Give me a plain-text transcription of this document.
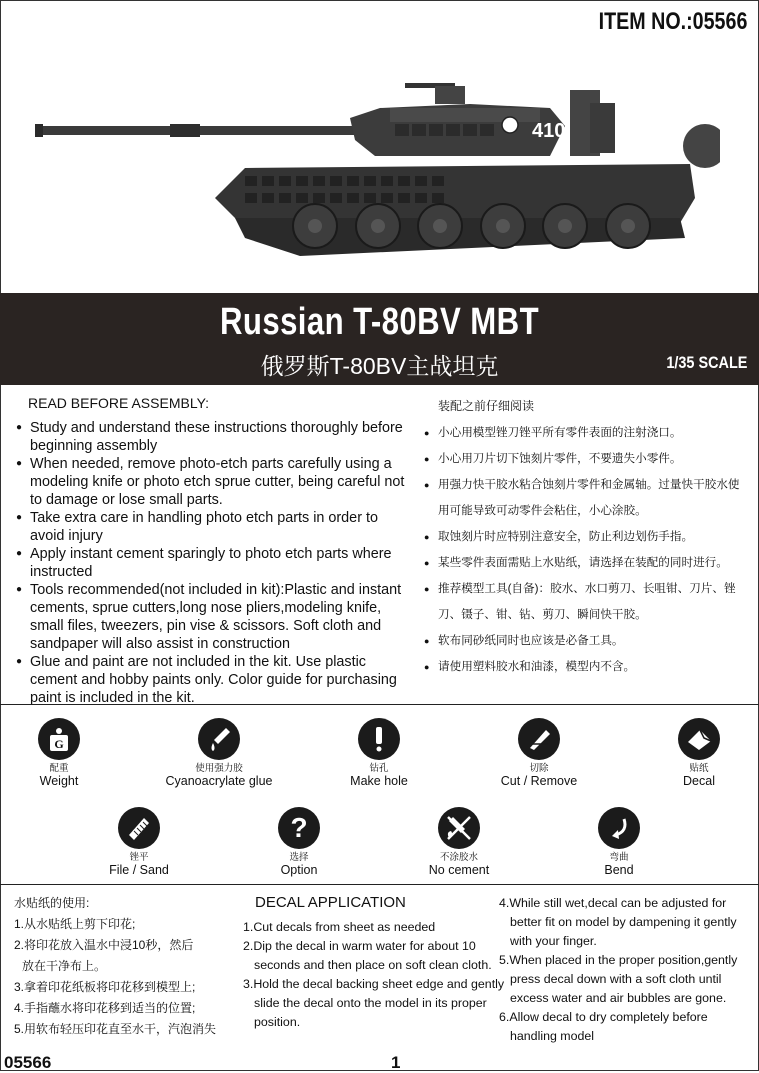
ITEM NO.:05566
410
Russian T-80BV MBT
俄罗斯T-80BV主战坦克	1/35 SCALE
READ BEFORE ASSEMBLY:
● Study and understand these instructions thoroughly before beginning assembly
● When needed, remove photo-etch parts carefully using a modeling knife or photo etch sprue cutter, being careful not to damage or lose small parts.
● Take extra care in handling photo etch parts in order to avoid injury
● Apply instant cement sparingly to photo etch parts where instructed
● Tools recommended(not included in kit):Plastic and instant cements, sprue cutters,long nose pliers,modeling knife, small files, tweezers, pin vise & scissors. Soft cloth and sandpaper will also assist in construction
● Glue and paint are not included in the kit. Use plastic cement and hobby paints only. Color guide for purchasing paint is included in the kit.
装配之前仔细阅读
● 小心用模型锉刀锉平所有零件表面的注射浇口。
● 小心用刀片切下蚀刻片零件，不要遗失小零件。
● 用强力快干胶水粘合蚀刻片零件和金属轴。过量快干胶水使用可能导致可动零件会粘住，小心涂胶。
● 取蚀刻片时应特别注意安全，防止利边划伤手指。
● 某些零件表面需贴上水贴纸，请选择在装配的同时进行。
● 推荐模型工具(自备)：胶水、水口剪刀、长咀钳、刀片、锉刀、镊子、钳、钻、剪刀、瞬间快干胶。
● 软布同砂纸同时也应该是必备工具。
● 请使用塑料胶水和油漆，模型内不含。
G
配重
Weight
使用强力胶
Cyanoacrylate glue
钻孔
Make hole
切除
Cut / Remove
贴纸
Decal
锉平
File / Sand
?
选择
Option
不涂胶水
No cement
弯曲
Bend
水贴纸的使用:
1.从水贴纸上剪下印花;
2.将印花放入温水中浸10秒，然后
放在干净布上。
3.拿着印花纸板将印花移到模型上;
4.手指蘸水将印花移到适当的位置;
5.用软布轻压印花直至水干，汽泡消失
DECAL APPLICATION
1.Cut decals from sheet as needed
2.Dip the decal in warm water for about 10 seconds and then place on soft clean cloth.
3.Hold the decal backing sheet edge and gently slide the decal onto the model in its proper position.
4.While still wet,decal can be adjusted for better fit on model by dampening it gently with your finger.
5.When placed in the proper position,gently press decal down with a soft cloth until excess water and air bubbles are gone.
6.Allow decal to dry completely before handling model
05566	1
